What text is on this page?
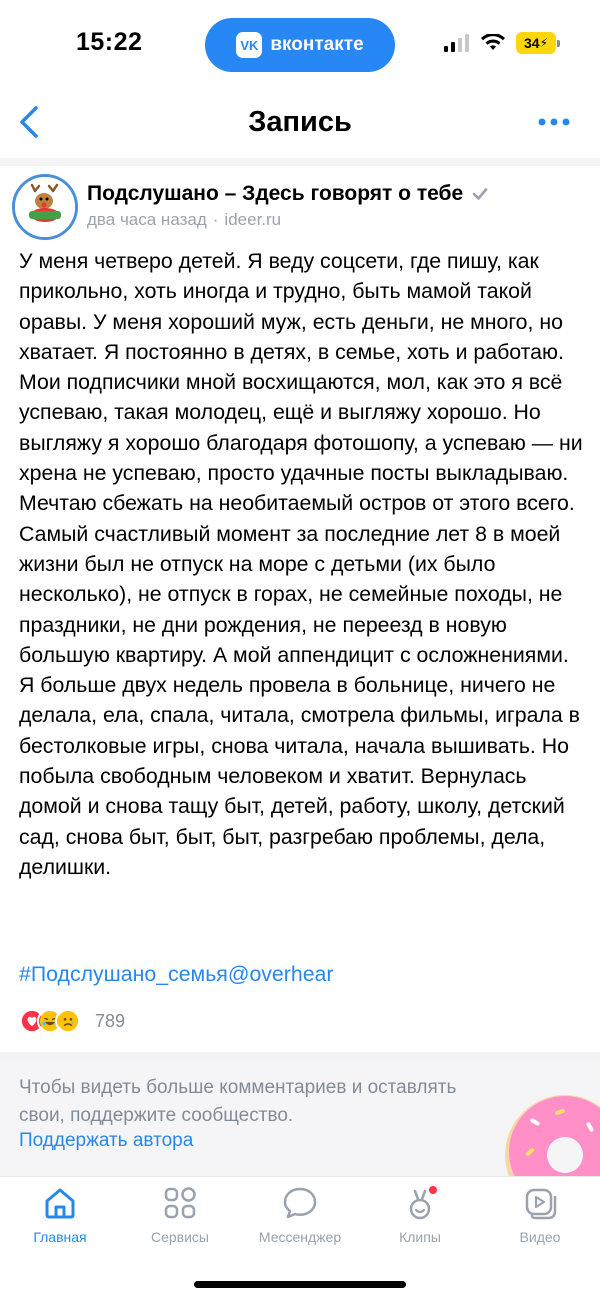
15:22	VK вконтакте	34 ⚡
Запись
Подслушано – Здесь говорят о тебе
два часа назад · ideer.ru
У меня четверо детей. Я веду соцсети, где пишу, как прикольно, хоть иногда и трудно, быть мамой такой оравы. У меня хороший муж, есть деньги, не много, но хватает. Я постоянно в детях, в семье, хоть и работаю. Мои подписчики мной восхищаются, мол, как это я всё успеваю, такая молодец, ещё и выгляжу хорошо. Но выгляжу я хорошо благодаря фотошопу, а успеваю — ни хрена не успеваю, просто удачные посты выкладываю. Мечтаю сбежать на необитаемый остров от этого всего. Самый счастливый момент за последние лет 8 в моей жизни был не отпуск на море с детьми (их было несколько), не отпуск в горах, не семейные походы, не праздники, не дни рождения, не переезд в новую большую квартиру. А мой аппендицит с осложнениями. Я больше двух недель провела в больнице, ничего не делала, ела, спала, читала, смотрела фильмы, играла в бестолковые игры, снова читала, начала вышивать. Но побыла свободным человеком и хватит. Вернулась домой и снова тащу быт, детей, работу, школу, детский сад, снова быт, быт, быт, разгребаю проблемы, дела, делишки.
#Подслушано_семья@overhear
789
Чтобы видеть больше комментариев и оставлять свои, поддержите сообщество.
Поддержать автора
Главная	Сервисы	Мессенджер	Клипы	Видео
